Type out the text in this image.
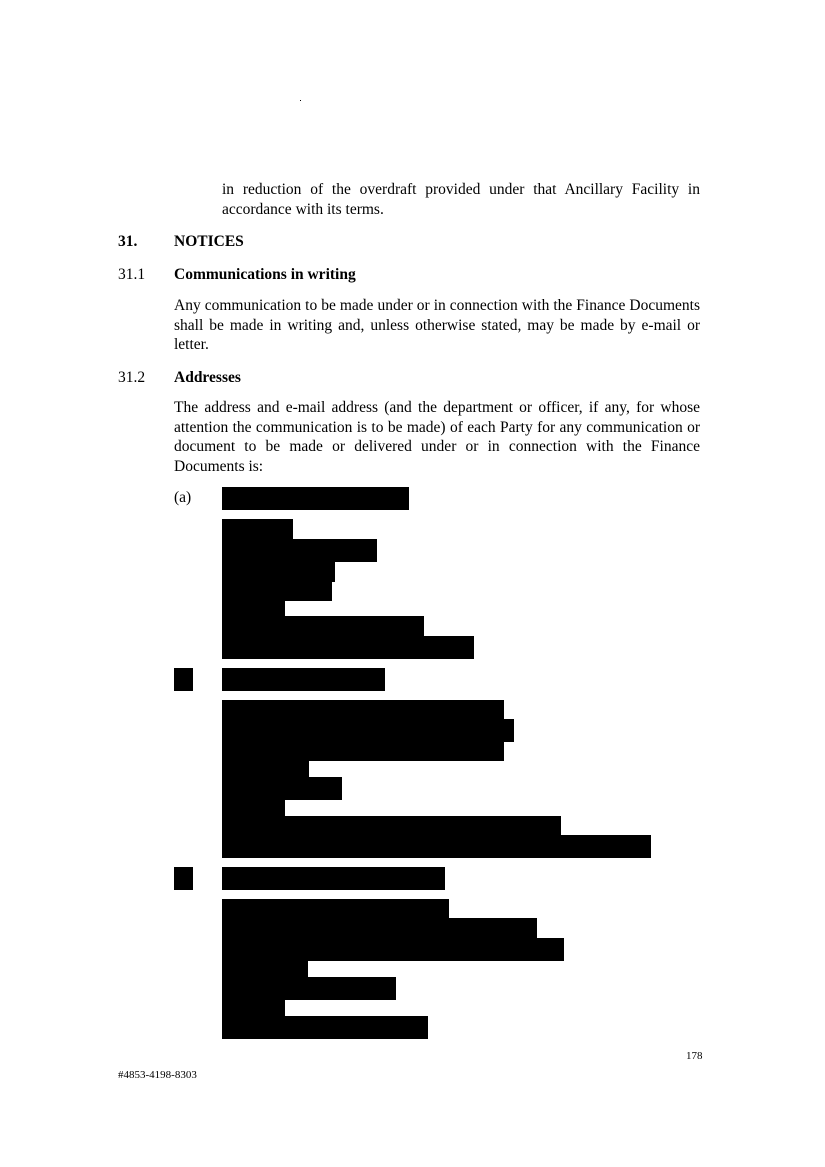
in reduction of the overdraft provided under that Ancillary Facility in accordance with its terms.
31. NOTICES
31.1 Communications in writing
Any communication to be made under or in connection with the Finance Documents shall be made in writing and, unless otherwise stated, may be made by e-mail or letter.
31.2 Addresses
The address and e-mail address (and the department or officer, if any, for whose attention the communication is to be made) of each Party for any communication or document to be made or delivered under or in connection with the Finance Documents is:
(a)
178
#4853-4198-8303
